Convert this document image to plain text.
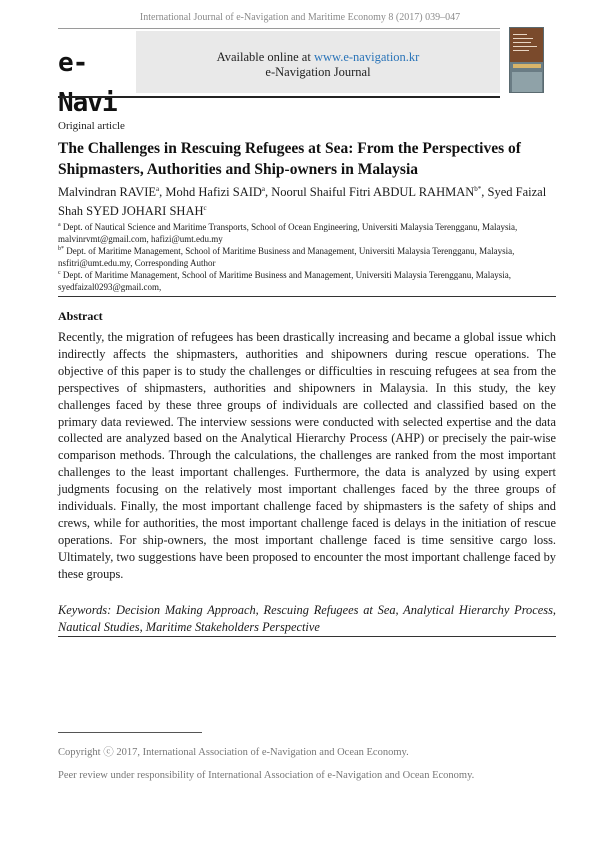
International Journal of e-Navigation and Maritime Economy 8 (2017) 039–047
e-Navi
Available online at www.e-navigation.kr
e-Navigation Journal
Original article
The Challenges in Rescuing Refugees at Sea: From the Perspectives of Shipmasters, Authorities and Ship-owners in Malaysia
Malvindran RAVIE$^a$, Mohd Hafizi SAID$^a$, Noorul Shaiful Fitri ABDUL $RAHMAN^{b*}$, Syed Faizal Shah SYED JOHARI SHAH$^c$
$^a$ Dept. of Nautical Science and Maritime Transports, School of Ocean Engineering, Universiti Malaysia Terengganu, Malaysia, malvinrvmt@gmail.com, hafizi@umt.edu.my
$^{b*}$ Dept. of Maritime Management, School of Maritime Business and Management, Universiti Malaysia Terengganu, Malaysia, nsfitri@umt.edu.my, Corresponding Author
$^c$ Dept. of Maritime Management, School of Maritime Business and Management, Universiti Malaysia Terengganu, Malaysia, syedfaizal0293@gmail.com,
Abstract
Recently, the migration of refugees has been drastically increasing and became a global issue which indirectly affects the shipmasters, authorities and shipowners during rescue operations. The objective of this paper is to study the challenges or difficulties in rescuing refugees at sea from the perspectives of shipmasters, authorities and shipowners in Malaysia. In this study, the key challenges faced by these three groups of individuals are collected and classified based on the primary data reviewed. The interview sessions were conducted with selected expertise and the data collected are analyzed based on the Analytical Hierarchy Process (AHP) or precisely the pair-wise comparison methods. Through the calculations, the challenges are ranked from the most important challenges to the least important challenges. Furthermore, the data is analyzed by using expert judgments focusing on the relatively most important challenges faced by the three groups of individuals. Finally, the most important challenge faced by shipmasters is the safety of ships and crews, while for authorities, the most important challenge faced is delays in the initiation of rescue operations. For ship-owners, the most important challenge faced is time sensitive cargo loss. Ultimately, two suggestions have been proposed to encounter the most important challenge faced by these groups.
Keywords: Decision Making Approach, Rescuing Refugees at Sea, Analytical Hierarchy Process, Nautical Studies, Maritime Stakeholders Perspective
Copyright ⓒ 2017, International Association of e-Navigation and Ocean Economy.
Peer review under responsibility of International Association of e-Navigation and Ocean Economy.
